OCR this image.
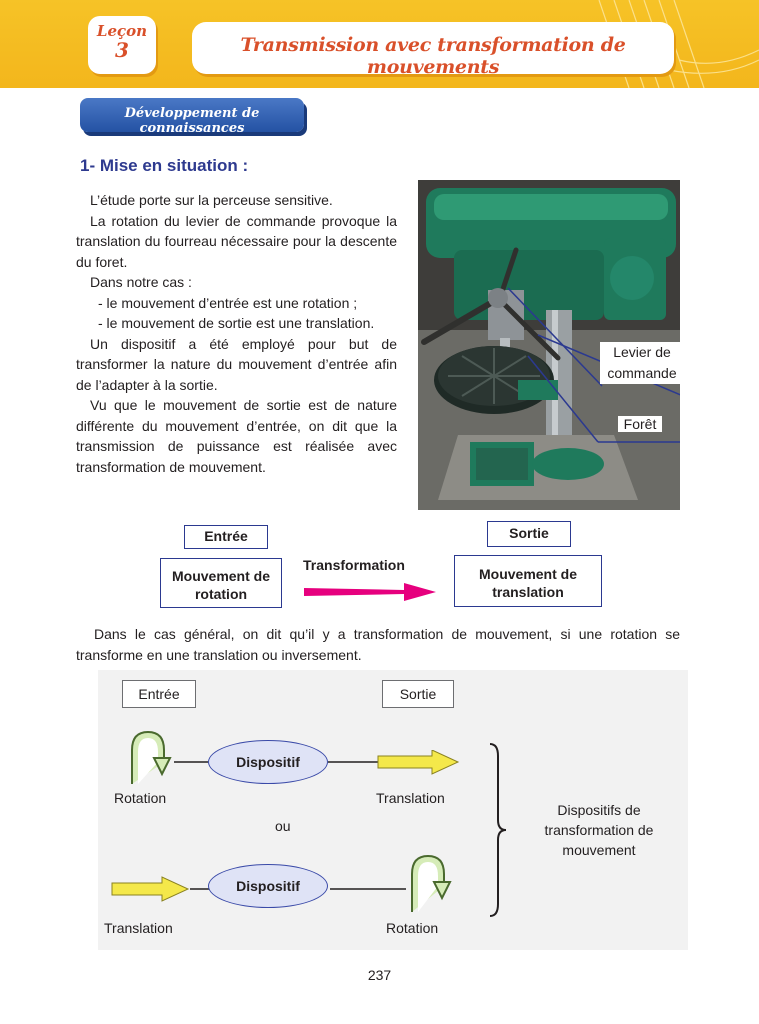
Leçon
3	Transmission avec transformation de mouvements
Développement de connaissances
1- Mise en situation :

L’étude porte sur la perceuse sensitive.

La rotation du levier de commande provoque la translation du fourreau nécessaire pour la descente du foret.

Dans notre cas :

- le mouvement d’entrée est une rotation ;

- le mouvement de sortie est une translation.

Un dispositif a été employé pour but de transformer la nature du mouvement d’entrée afin de l’adapter à la sortie.

Vu que le mouvement de sortie est de nature différente du mouvement d’entrée, on dit que la transmission de puissance est réalisée avec transformation de mouvement.

Levier de commande
Forêt
Entrée	Sortie
Mouvement de rotation
Mouvement de translation
Transformation
Dans le cas général, on dit qu’il y a transformation de mouvement, si une rotation se transforme en une translation ou inversement.
Entrée	Sortie
Dispositif
Rotation	Translation
ou
Dispositif
Translation	Rotation
Dispositifs de transformation de mouvement
237
